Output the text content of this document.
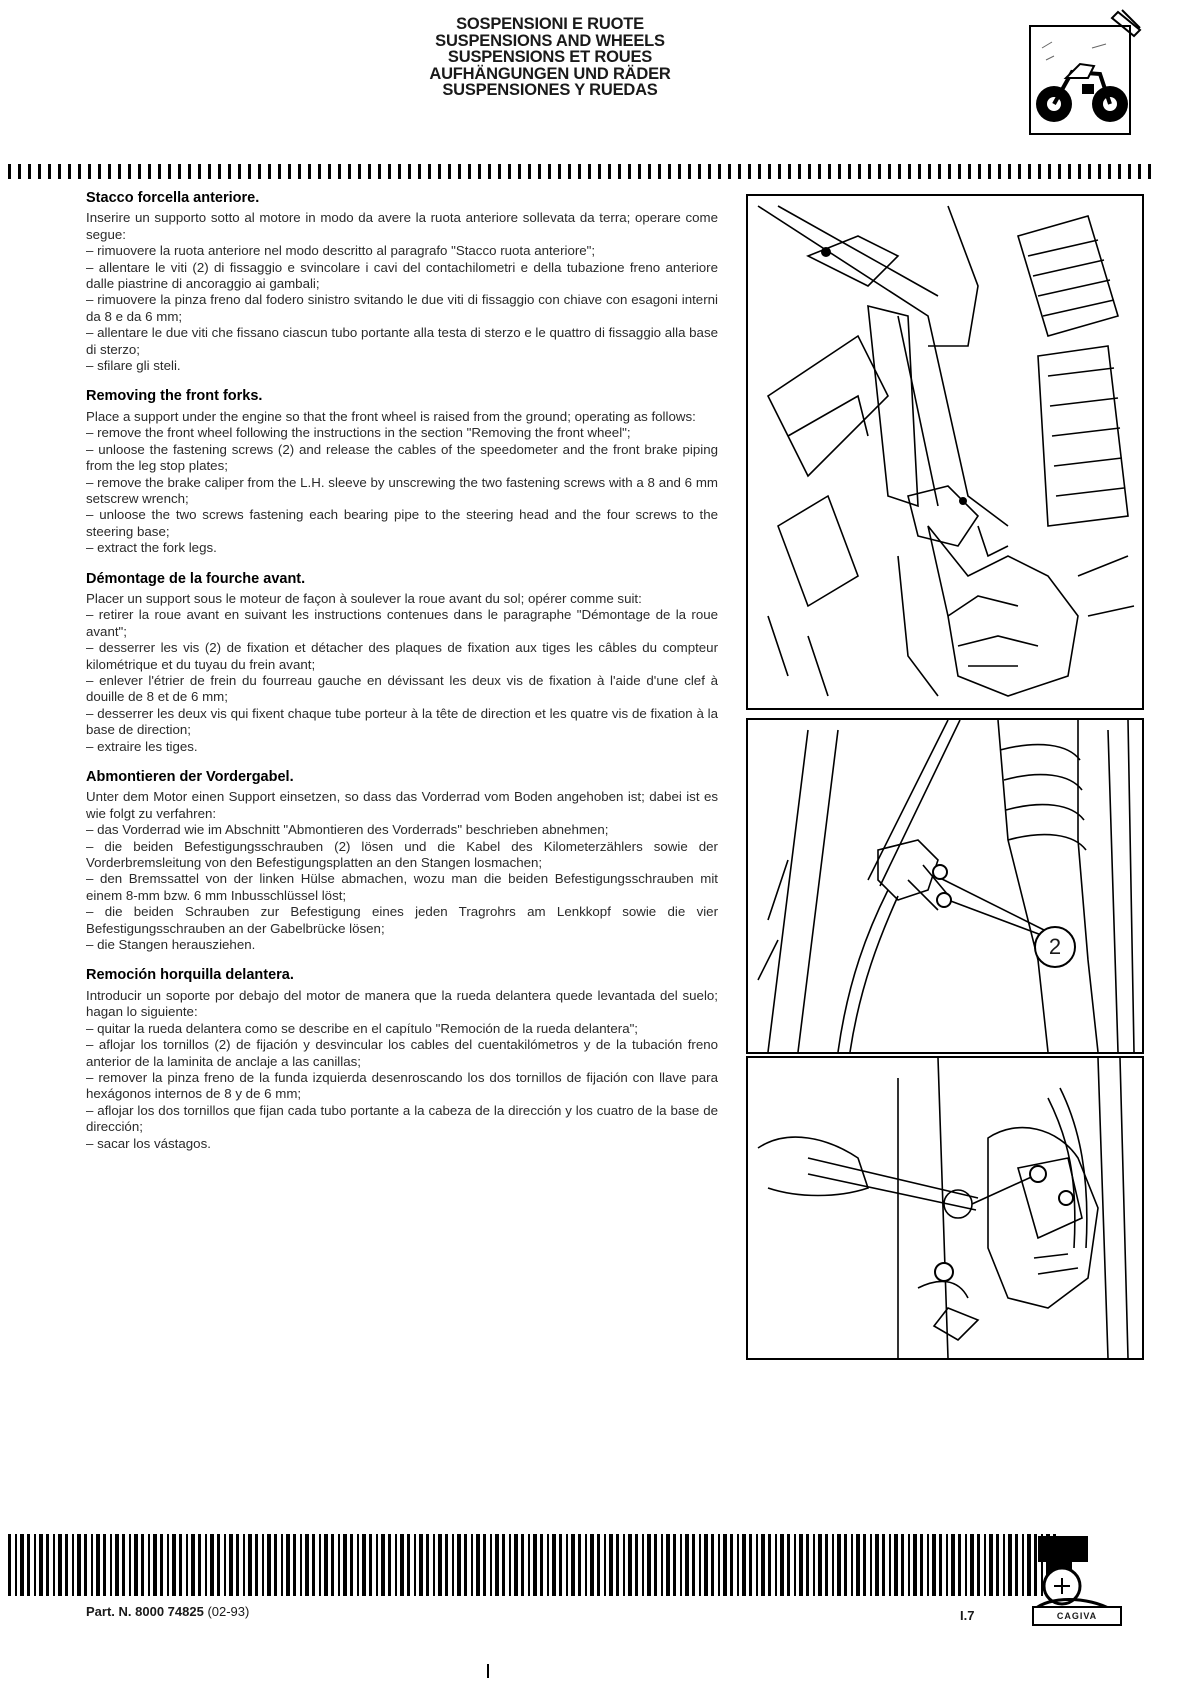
SOSPENSIONI E RUOTE
SUSPENSIONS AND WHEELS
SUSPENSIONS ET ROUES
AUFHÄNGUNGEN UND RÄDER
SUSPENSIONES Y RUEDAS
Stacco forcella anteriore.

Inserire un supporto sotto al motore in modo da avere la ruota anteriore sollevata da terra; operare come segue:

– rimuovere la ruota anteriore nel modo descritto al paragrafo "Stacco ruota anteriore";
– allentare le viti (2) di fissaggio e svincolare i cavi del contachilometri e della tubazione freno anteriore dalle piastrine di ancoraggio ai gambali;
– rimuovere la pinza freno dal fodero sinistro svitando le due viti di fissaggio con chiave con esagoni interni da 8 e da 6 mm;
– allentare le due viti che fissano ciascun tubo portante alla testa di sterzo e le quattro di fissaggio alla base di sterzo;
– sfilare gli steli.
Removing the front forks.

Place a support under the engine so that the front wheel is raised from the ground; operating as follows:

– remove the front wheel following the instructions in the section "Removing the front wheel";
– unloose the fastening screws (2) and release the cables of the speedometer and the front brake piping from the leg stop plates;
– remove the brake caliper from the L.H. sleeve by unscrewing the two fastening screws with a 8 and 6 mm setscrew wrench;
– unloose the two screws fastening each bearing pipe to the steering head and the four screws to the steering base;
– extract the fork legs.
Démontage de la fourche avant.

Placer un support sous le moteur de façon à soulever la roue avant du sol; opérer comme suit:

– retirer la roue avant en suivant les instructions contenues dans le paragraphe "Démontage de la roue avant";
– desserrer les vis (2) de fixation et détacher des plaques de fixation aux tiges les câbles du compteur kilométrique et du tuyau du frein avant;
– enlever l'étrier de frein du fourreau gauche en dévissant les deux vis de fixation à l'aide d'une clef à douille de 8 et de 6 mm;
– desserrer les deux vis qui fixent chaque tube porteur à la tête de direction et les quatre vis de fixation à la base de direction;
– extraire les tiges.
Abmontieren der Vordergabel.

Unter dem Motor einen Support einsetzen, so dass das Vorderrad vom Boden angehoben ist; dabei ist es wie folgt zu verfahren:

– das Vorderrad wie im Abschnitt "Abmontieren des Vorderrads" beschrieben abnehmen;
– die beiden Befestigungsschrauben (2) lösen und die Kabel des Kilometerzählers sowie der Vorderbremsleitung von den Befestigungsplatten an den Stangen losmachen;
– den Bremssattel von der linken Hülse abmachen, wozu man die beiden Befestigungsschrauben mit einem 8-mm bzw. 6 mm Inbusschlüssel löst;
– die beiden Schrauben zur Befestigung eines jeden Tragrohrs am Lenkkopf sowie die vier Befestigungsschrauben an der Gabelbrücke lösen;
– die Stangen herausziehen.
Remoción horquilla delantera.

Introducir un soporte por debajo del motor de manera que la rueda delantera quede levantada del suelo; hagan lo siguiente:

– quitar la rueda delantera como se describe en el capítulo "Remoción de la rueda delantera";
– aflojar los tornillos (2) de fijación y desvincular los cables del cuentakilómetros y de la tubación freno anterior de la laminita de anclaje a las canillas;
– remover la pinza freno de la funda izquierda desenroscando los dos tornillos de fijación con llave para hexágonos internos de 8 y de 6 mm;
– aflojar los dos tornillos que fijan cada tubo portante a la cabeza de la dirección y los cuatro de la base de dirección;
– sacar los vástagos.
2
CAGIVA
Part. N. 8000 74825 (02-93)	I.7
